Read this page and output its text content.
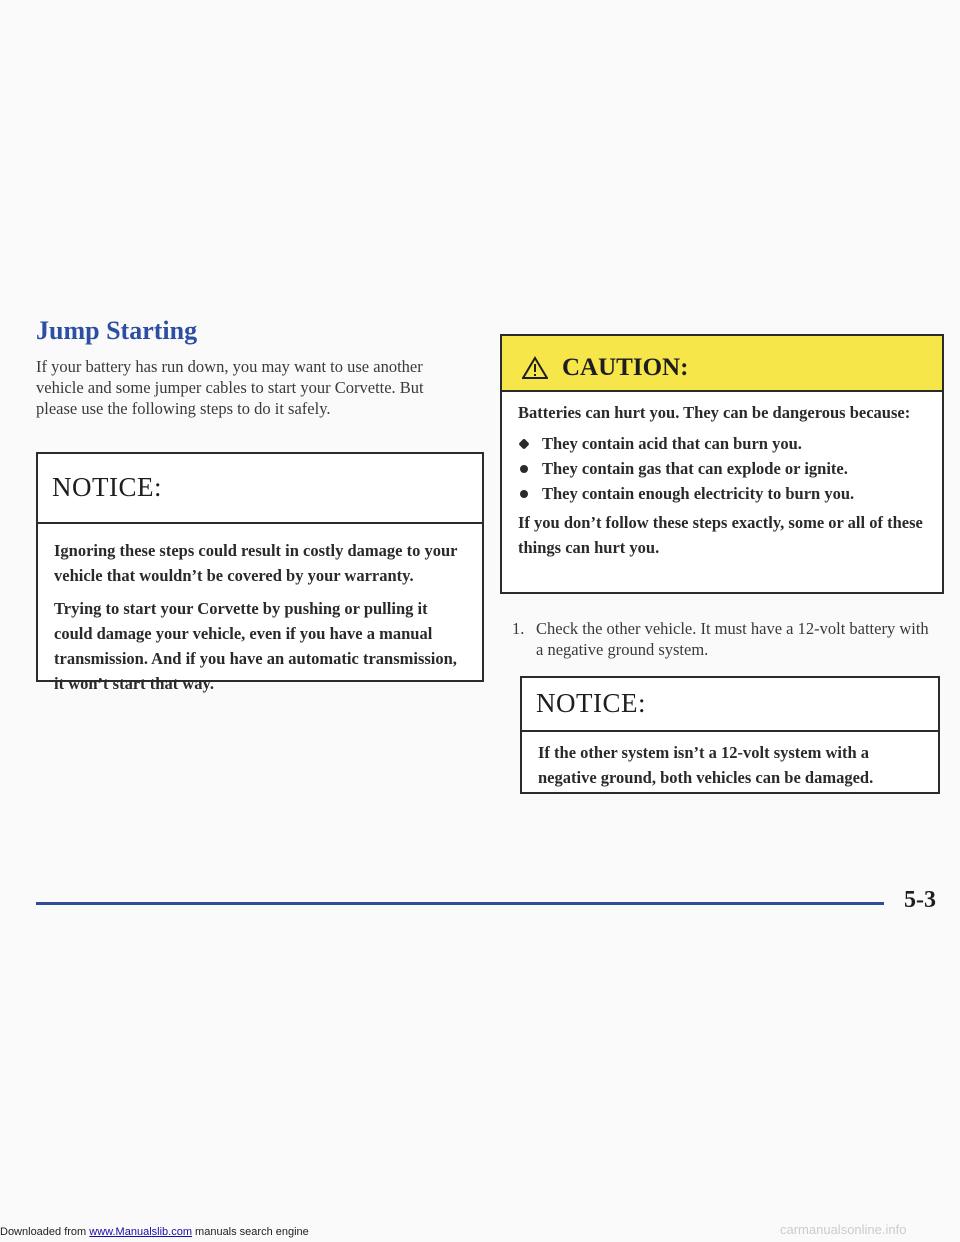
Jump Starting

If your battery has run down, you may want to use another vehicle and some jumper cables to start your Corvette. But please use the following steps to do it safely.

NOTICE:

Ignoring these steps could result in costly damage to your vehicle that wouldn’t be covered by your warranty.

Trying to start your Corvette by pushing or pulling it could damage your vehicle, even if you have a manual transmission. And if you have an automatic transmission, it won’t start that way.

CAUTION:

Batteries can hurt you. They can be dangerous because:

They contain acid that can burn you.
They contain gas that can explode or ignite.
They contain enough electricity to burn you.

If you don’t follow these steps exactly, some or all of these things can hurt you.

1. Check the other vehicle. It must have a 12-volt battery with a negative ground system.
NOTICE:

If the other system isn’t a 12-volt system with a negative ground, both vehicles can be damaged.

5-3
Downloaded from www.Manualslib.com manuals search engine	carmanualsonline.info
